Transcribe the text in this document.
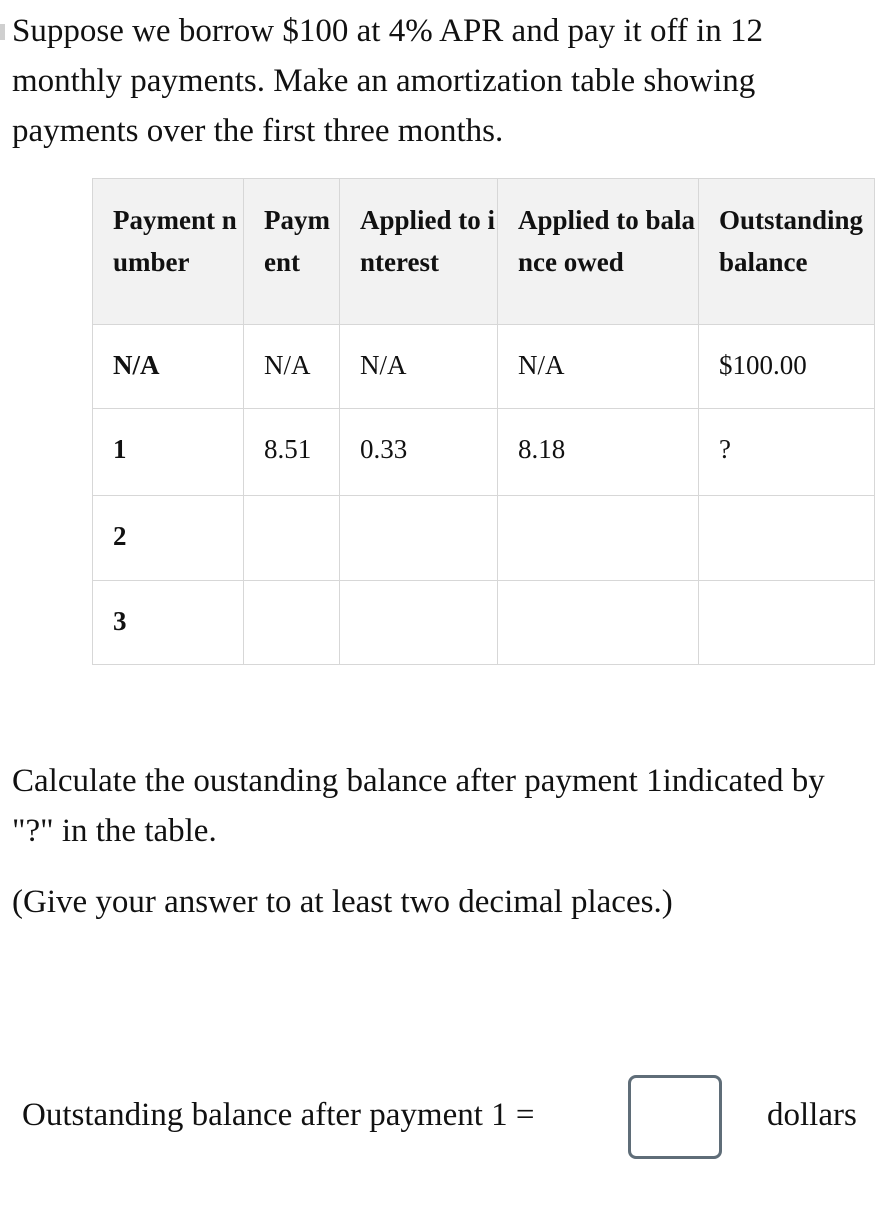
Suppose we borrow $100 at 4% APR and pay it off in 12 monthly payments. Make an amortization table showing payments over the first three months.

Payment number	Payment	Applied to interest	Applied to balance owed	Outstanding balance
N/A	N/A	N/A	N/A	$100.00
1	8.51	0.33	8.18	?
2				
3				

Calculate the oustanding balance after payment 1indicated by "?" in the table.

(Give your answer to at least two decimal places.)

Outstanding balance after payment 1 =	dollars
